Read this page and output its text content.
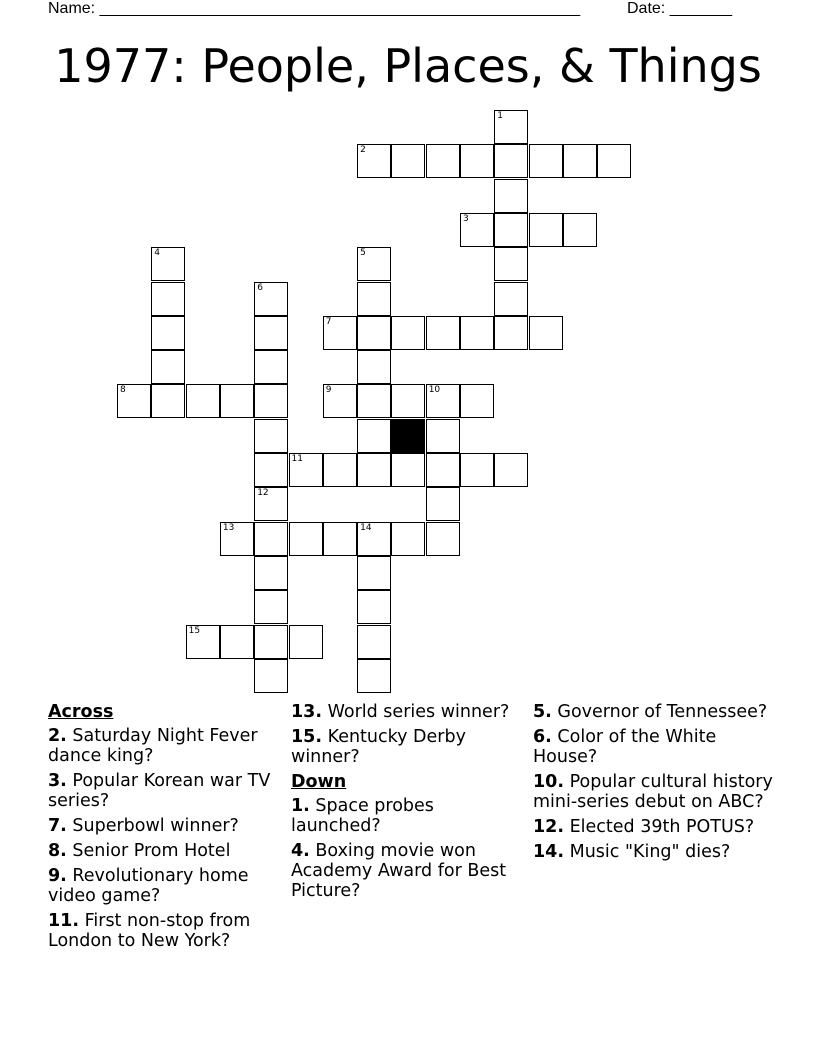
Name: ______________________________________________________	Date: _______
1977: People, Places, & Things
1
2
3
4	5
6
7
8	9	10
11
12
13	14
15
Across
2. Saturday Night Fever dance king?
3. Popular Korean war TV series?
7. Superbowl winner?
8. Senior Prom Hotel
9. Revolutionary home video game?
11. First non-stop from London to New York?
13. World series winner?
15. Kentucky Derby winner?
Down
1. Space probes launched?
4. Boxing movie won Academy Award for Best Picture?
5. Governor of Tennessee?
6. Color of the White House?
10. Popular cultural history mini-series debut on ABC?
12. Elected 39th POTUS?
14. Music "King" dies?
